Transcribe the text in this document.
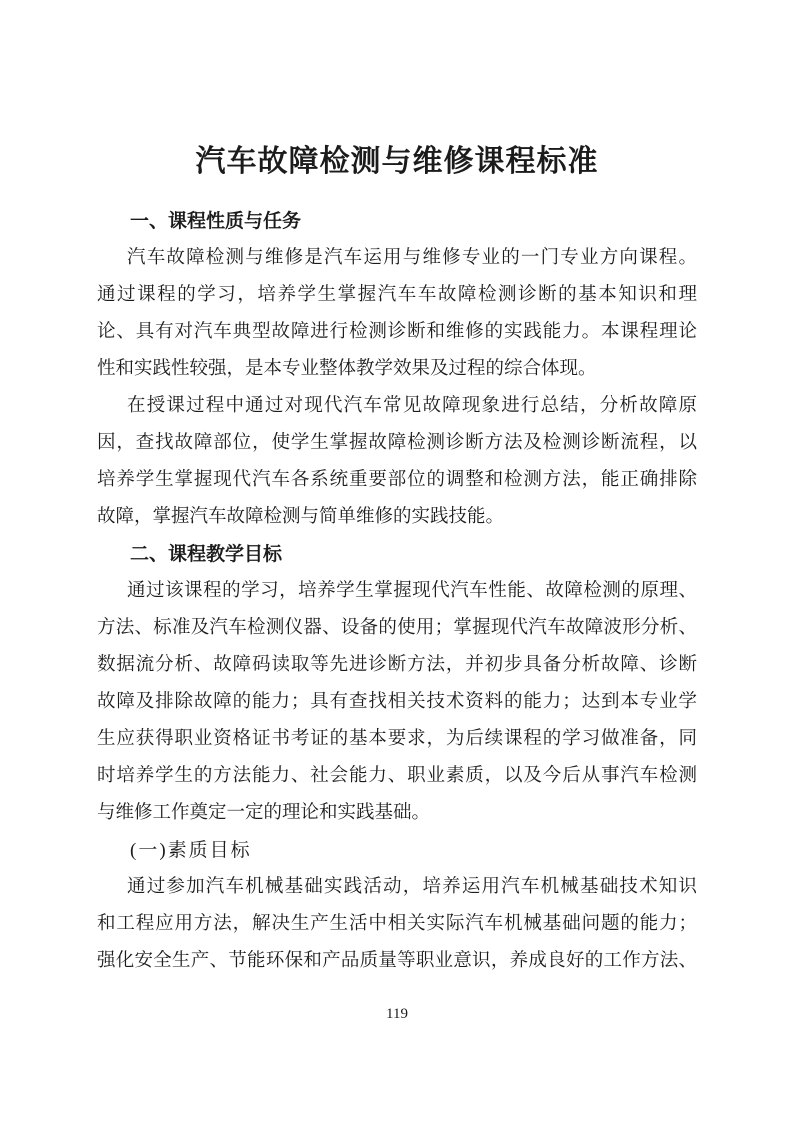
汽车故障检测与维修课程标准
一、课程性质与任务
汽车故障检测与维修是汽车运用与维修专业的一门专业方向课程。
通过课程的学习，培养学生掌握汽车车故障检测诊断的基本知识和理
论、具有对汽车典型故障进行检测诊断和维修的实践能力。本课程理论
性和实践性较强，是本专业整体教学效果及过程的综合体现。
在授课过程中通过对现代汽车常见故障现象进行总结，分析故障原
因，查找故障部位，使学生掌握故障检测诊断方法及检测诊断流程，以
培养学生掌握现代汽车各系统重要部位的调整和检测方法，能正确排除
故障，掌握汽车故障检测与简单维修的实践技能。
二、课程教学目标
通过该课程的学习，培养学生掌握现代汽车性能、故障检测的原理、
方法、标准及汽车检测仪器、设备的使用；掌握现代汽车故障波形分析、
数据流分析、故障码读取等先进诊断方法，并初步具备分析故障、诊断
故障及排除故障的能力；具有查找相关技术资料的能力；达到本专业学
生应获得职业资格证书考证的基本要求，为后续课程的学习做准备，同
时培养学生的方法能力、社会能力、职业素质，以及今后从事汽车检测
与维修工作奠定一定的理论和实践基础。
(一)素质目标
通过参加汽车机械基础实践活动，培养运用汽车机械基础技术知识
和工程应用方法，解决生产生活中相关实际汽车机械基础问题的能力；
强化安全生产、节能环保和产品质量等职业意识，养成良好的工作方法、
119
